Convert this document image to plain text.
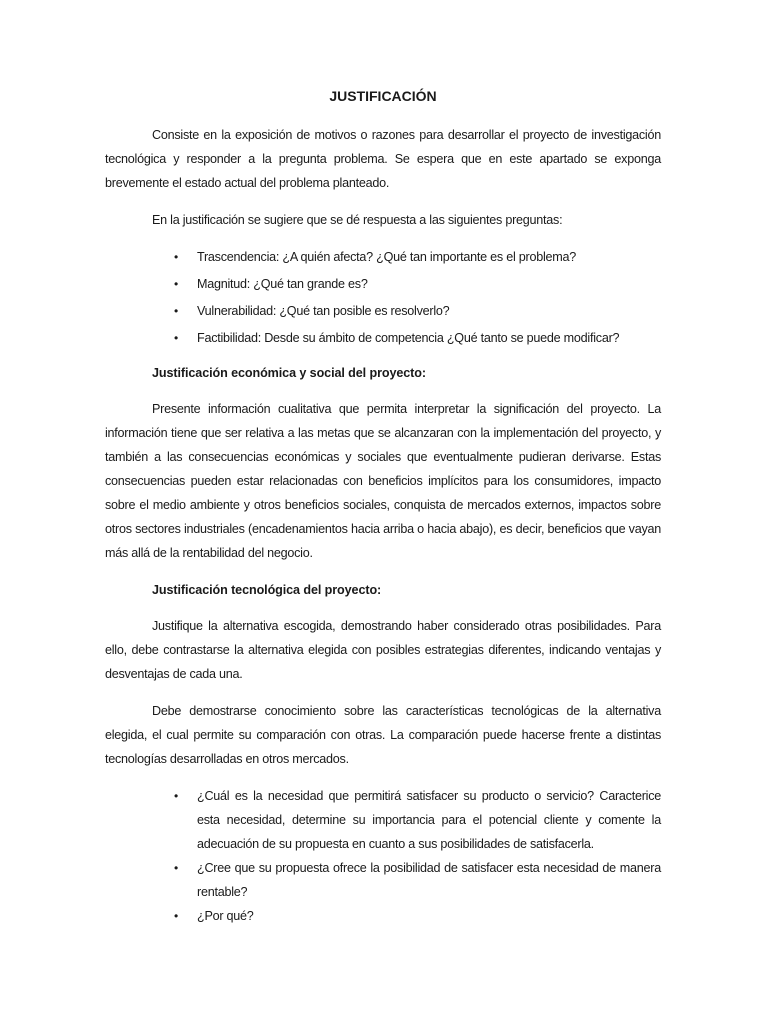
JUSTIFICACIÓN

Consiste en la exposición de motivos o razones para desarrollar el proyecto de investigación tecnológica y responder a la pregunta problema. Se espera que en este apartado se exponga brevemente el estado actual del problema planteado.

En la justificación se sugiere que se dé respuesta a las siguientes preguntas:

• Trascendencia: ¿A quién afecta? ¿Qué tan importante es el problema?
• Magnitud: ¿Qué tan grande es?
• Vulnerabilidad: ¿Qué tan posible es resolverlo?
• Factibilidad: Desde su ámbito de competencia ¿Qué tanto se puede modificar?

Justificación económica y social del proyecto:

Presente información cualitativa que permita interpretar la significación del proyecto. La información tiene que ser relativa a las metas que se alcanzaran con la implementación del proyecto, y también a las consecuencias económicas y sociales que eventualmente pudieran derivarse. Estas consecuencias pueden estar relacionadas con beneficios implícitos para los consumidores, impacto sobre el medio ambiente y otros beneficios sociales, conquista de mercados externos, impactos sobre otros sectores industriales (encadenamientos hacia arriba o hacia abajo), es decir, beneficios que vayan más allá de la rentabilidad del negocio.

Justificación tecnológica del proyecto:

Justifique la alternativa escogida, demostrando haber considerado otras posibilidades. Para ello, debe contrastarse la alternativa elegida con posibles estrategias diferentes, indicando ventajas y desventajas de cada una.

Debe demostrarse conocimiento sobre las características tecnológicas de la alternativa elegida, el cual permite su comparación con otras. La comparación puede hacerse frente a distintas tecnologías desarrolladas en otros mercados.

• ¿Cuál es la necesidad que permitirá satisfacer su producto o servicio? Caracterice esta necesidad, determine su importancia para el potencial cliente y comente la adecuación de su propuesta en cuanto a sus posibilidades de satisfacerla.
• ¿Cree que su propuesta ofrece la posibilidad de satisfacer esta necesidad de manera rentable?
• ¿Por qué?
